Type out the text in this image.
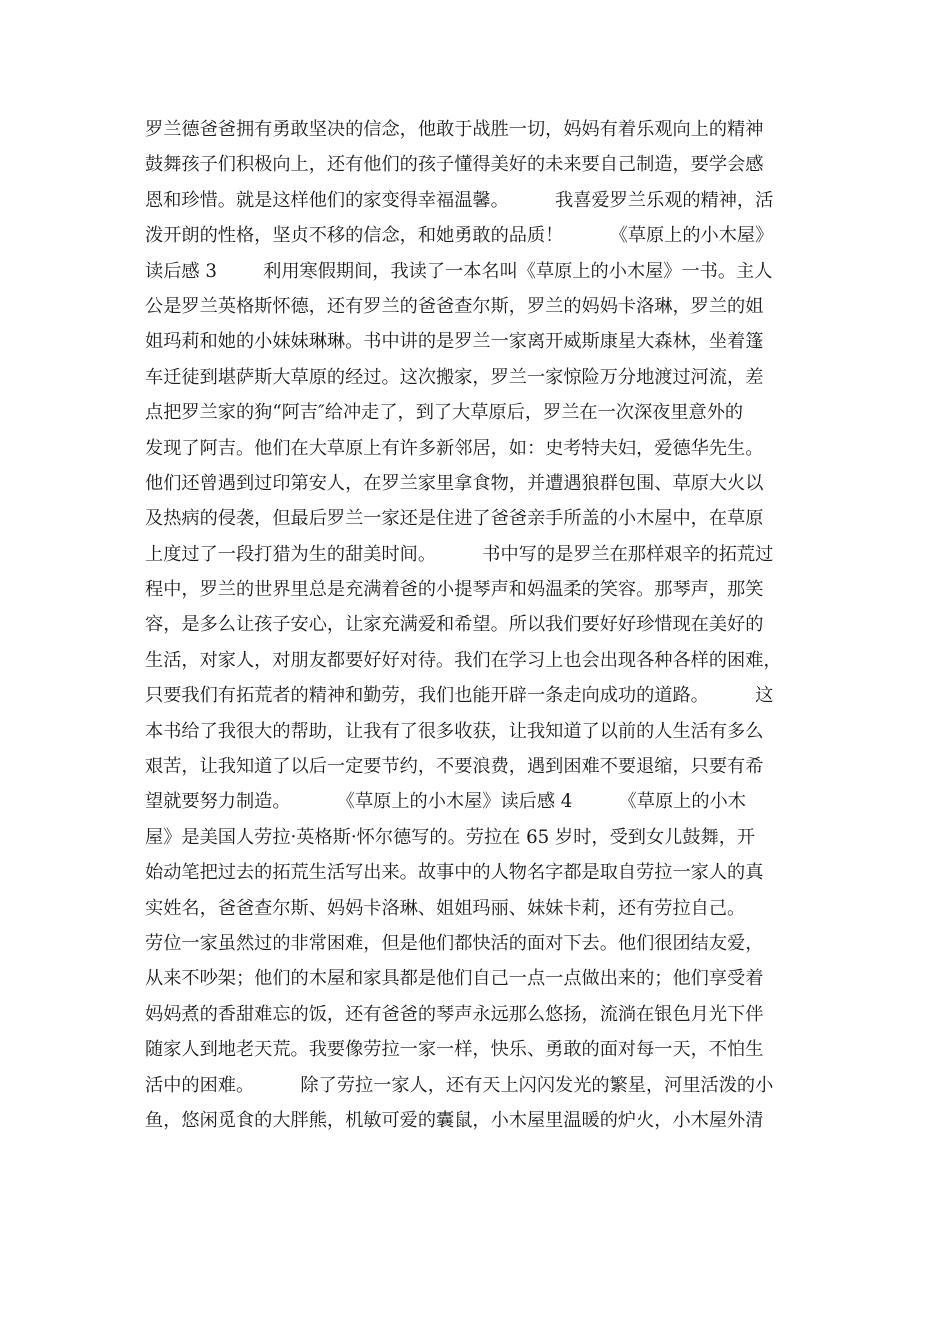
罗兰德爸爸拥有勇敢坚决的信念，他敢于战胜一切，妈妈有着乐观向上的精神
鼓舞孩子们积极向上，还有他们的孩子懂得美好的未来要自己制造，要学会感
恩和珍惜。就是这样他们的家变得幸福温馨。        我喜爱罗兰乐观的精神，活
泼开朗的性格，坚贞不移的信念，和她勇敢的品质！        《草原上的小木屋》
读后感 3        利用寒假期间，我读了一本名叫《草原上的小木屋》一书。主人
公是罗兰英格斯怀德，还有罗兰的爸爸查尔斯，罗兰的妈妈卡洛琳，罗兰的姐
姐玛莉和她的小妹妹琳琳。书中讲的是罗兰一家离开威斯康星大森林，坐着篷
车迁徒到堪萨斯大草原的经过。这次搬家，罗兰一家惊险万分地渡过河流，差
点把罗兰家的狗“阿吉″给冲走了，到了大草原后，罗兰在一次深夜里意外的
发现了阿吉。他们在大草原上有许多新邻居，如：史考特夫妇，爱德华先生。
他们还曾遇到过印第安人，在罗兰家里拿食物，并遭遇狼群包围、草原大火以
及热病的侵袭，但最后罗兰一家还是住进了爸爸亲手所盖的小木屋中，在草原
上度过了一段打猎为生的甜美时间。        书中写的是罗兰在那样艰辛的拓荒过
程中，罗兰的世界里总是充满着爸的小提琴声和妈温柔的笑容。那琴声，那笑
容，是多么让孩子安心，让家充满爱和希望。所以我们要好好珍惜现在美好的
生活，对家人，对朋友都要好好对待。我们在学习上也会出现各种各样的困难，
只要我们有拓荒者的精神和勤劳，我们也能开辟一条走向成功的道路。        这
本书给了我很大的帮助，让我有了很多收获，让我知道了以前的人生活有多么
艰苦，让我知道了以后一定要节约，不要浪费，遇到困难不要退缩，只要有希
望就要努力制造。        《草原上的小木屋》读后感 4        《草原上的小木
屋》是美国人劳拉·英格斯·怀尔德写的。劳拉在 65 岁时，受到女儿鼓舞，开
始动笔把过去的拓荒生活写出来。故事中的人物名字都是取自劳拉一家人的真
实姓名，爸爸查尔斯、妈妈卡洛琳、姐姐玛丽、妹妹卡莉，还有劳拉自己。
劳位一家虽然过的非常困难，但是他们都快活的面对下去。他们很团结友爱，
从来不吵架；他们的木屋和家具都是他们自己一点一点做出来的；他们享受着
妈妈煮的香甜难忘的饭，还有爸爸的琴声永远那么悠扬，流淌在银色月光下伴
随家人到地老天荒。我要像劳拉一家一样，快乐、勇敢的面对每一天，不怕生
活中的困难。        除了劳拉一家人，还有天上闪闪发光的繁星，河里活泼的小
鱼，悠闲觅食的大胖熊，机敏可爱的囊鼠，小木屋里温暖的炉火，小木屋外清
